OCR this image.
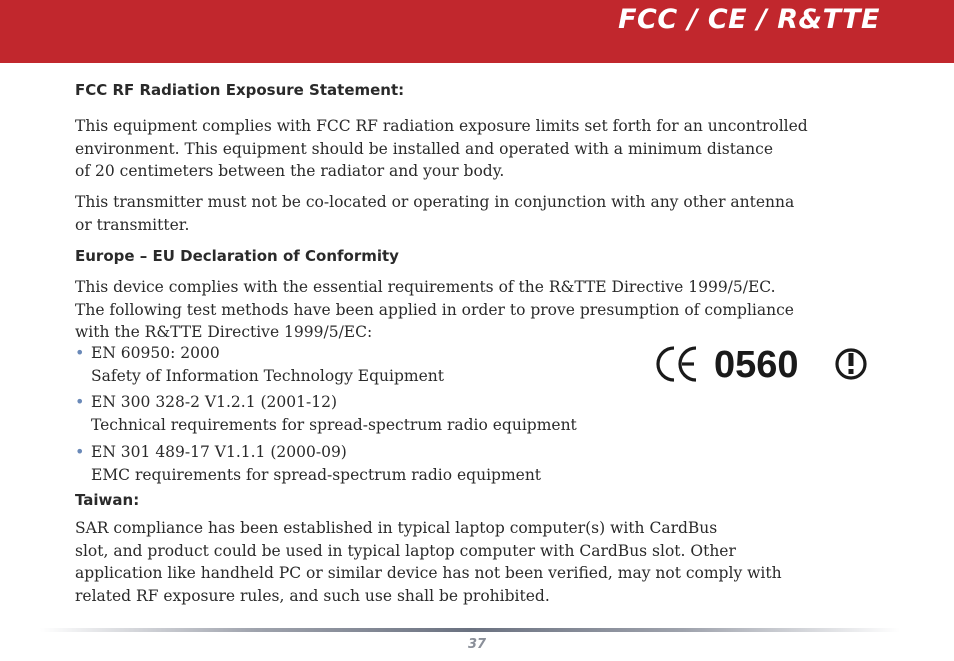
FCC / CE / R&TTE

FCC RF Radiation Exposure Statement:

This equipment complies with FCC RF radiation exposure limits set forth for an uncontrolled

environment. This equipment should be installed and operated with a minimum distance

of 20 centimeters between the radiator and your body.

This transmitter must not be co-located or operating in conjunction with any other antenna

or transmitter.

Europe – EU Declaration of Conformity

This device complies with the essential requirements of the R&TTE Directive 1999/5/EC.

The following test methods have been applied in order to prove presumption of compliance

with the R&TTE Directive 1999/5/EC:

• EN 60950: 2000
Safety of Information Technology Equipment
• EN 300 328-2 V1.2.1 (2001-12)
Technical requirements for spread-spectrum radio equipment
• EN 301 489-17 V1.1.1 (2000-09)
EMC requirements for spread-spectrum radio equipment

Taiwan:

SAR compliance has been established in typical laptop computer(s) with CardBus

slot, and product could be used in typical laptop computer with CardBus slot. Other

application like handheld PC or similar device has not been verified, may not comply with

related RF exposure rules, and such use shall be prohibited.

0560
37
